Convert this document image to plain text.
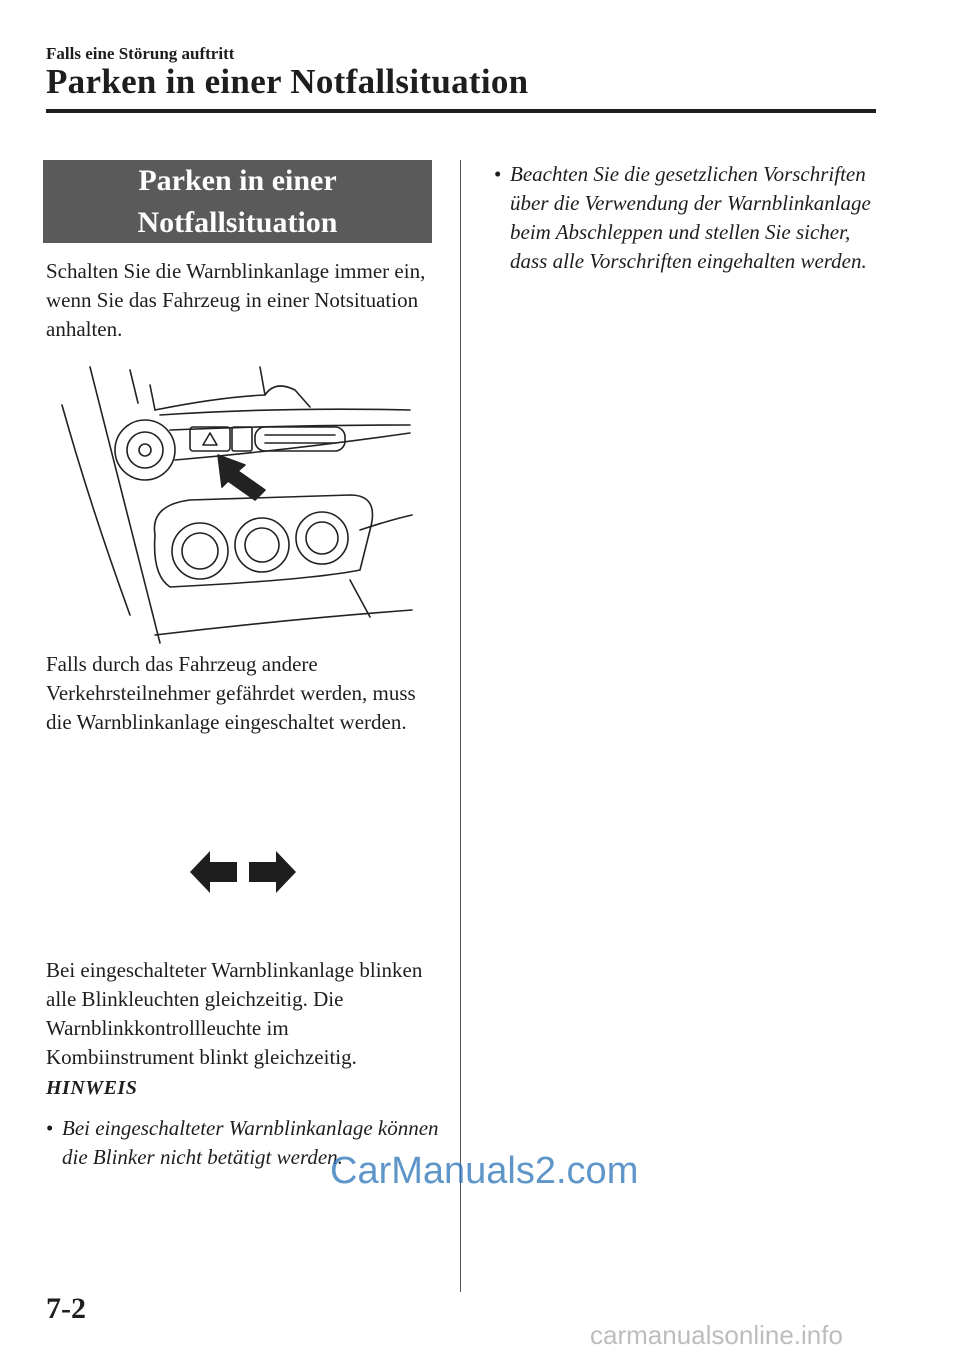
Falls eine Störung auftritt
Parken in einer Notfallsituation
Parken in einer
Notfallsituation

Schalten Sie die Warnblinkanlage immer ein, wenn Sie das Fahrzeug in einer Notsituation anhalten.

Falls durch das Fahrzeug andere Verkehrsteilnehmer gefährdet werden, muss die Warnblinkanlage eingeschaltet werden.

Bei eingeschalteter Warnblinkanlage blinken alle Blinkleuchten gleichzeitig. Die Warnblinkkontrollleuchte im Kombiinstrument blinkt gleichzeitig.

HINWEIS

• Bei eingeschalteter Warnblinkanlage können die Blinker nicht betätigt werden.

• Beachten Sie die gesetzlichen Vorschriften über die Verwendung der Warnblinkanlage beim Abschleppen und stellen Sie sicher, dass alle Vorschriften eingehalten werden.

CarManuals2.com
7-2
carmanualsonline.info
